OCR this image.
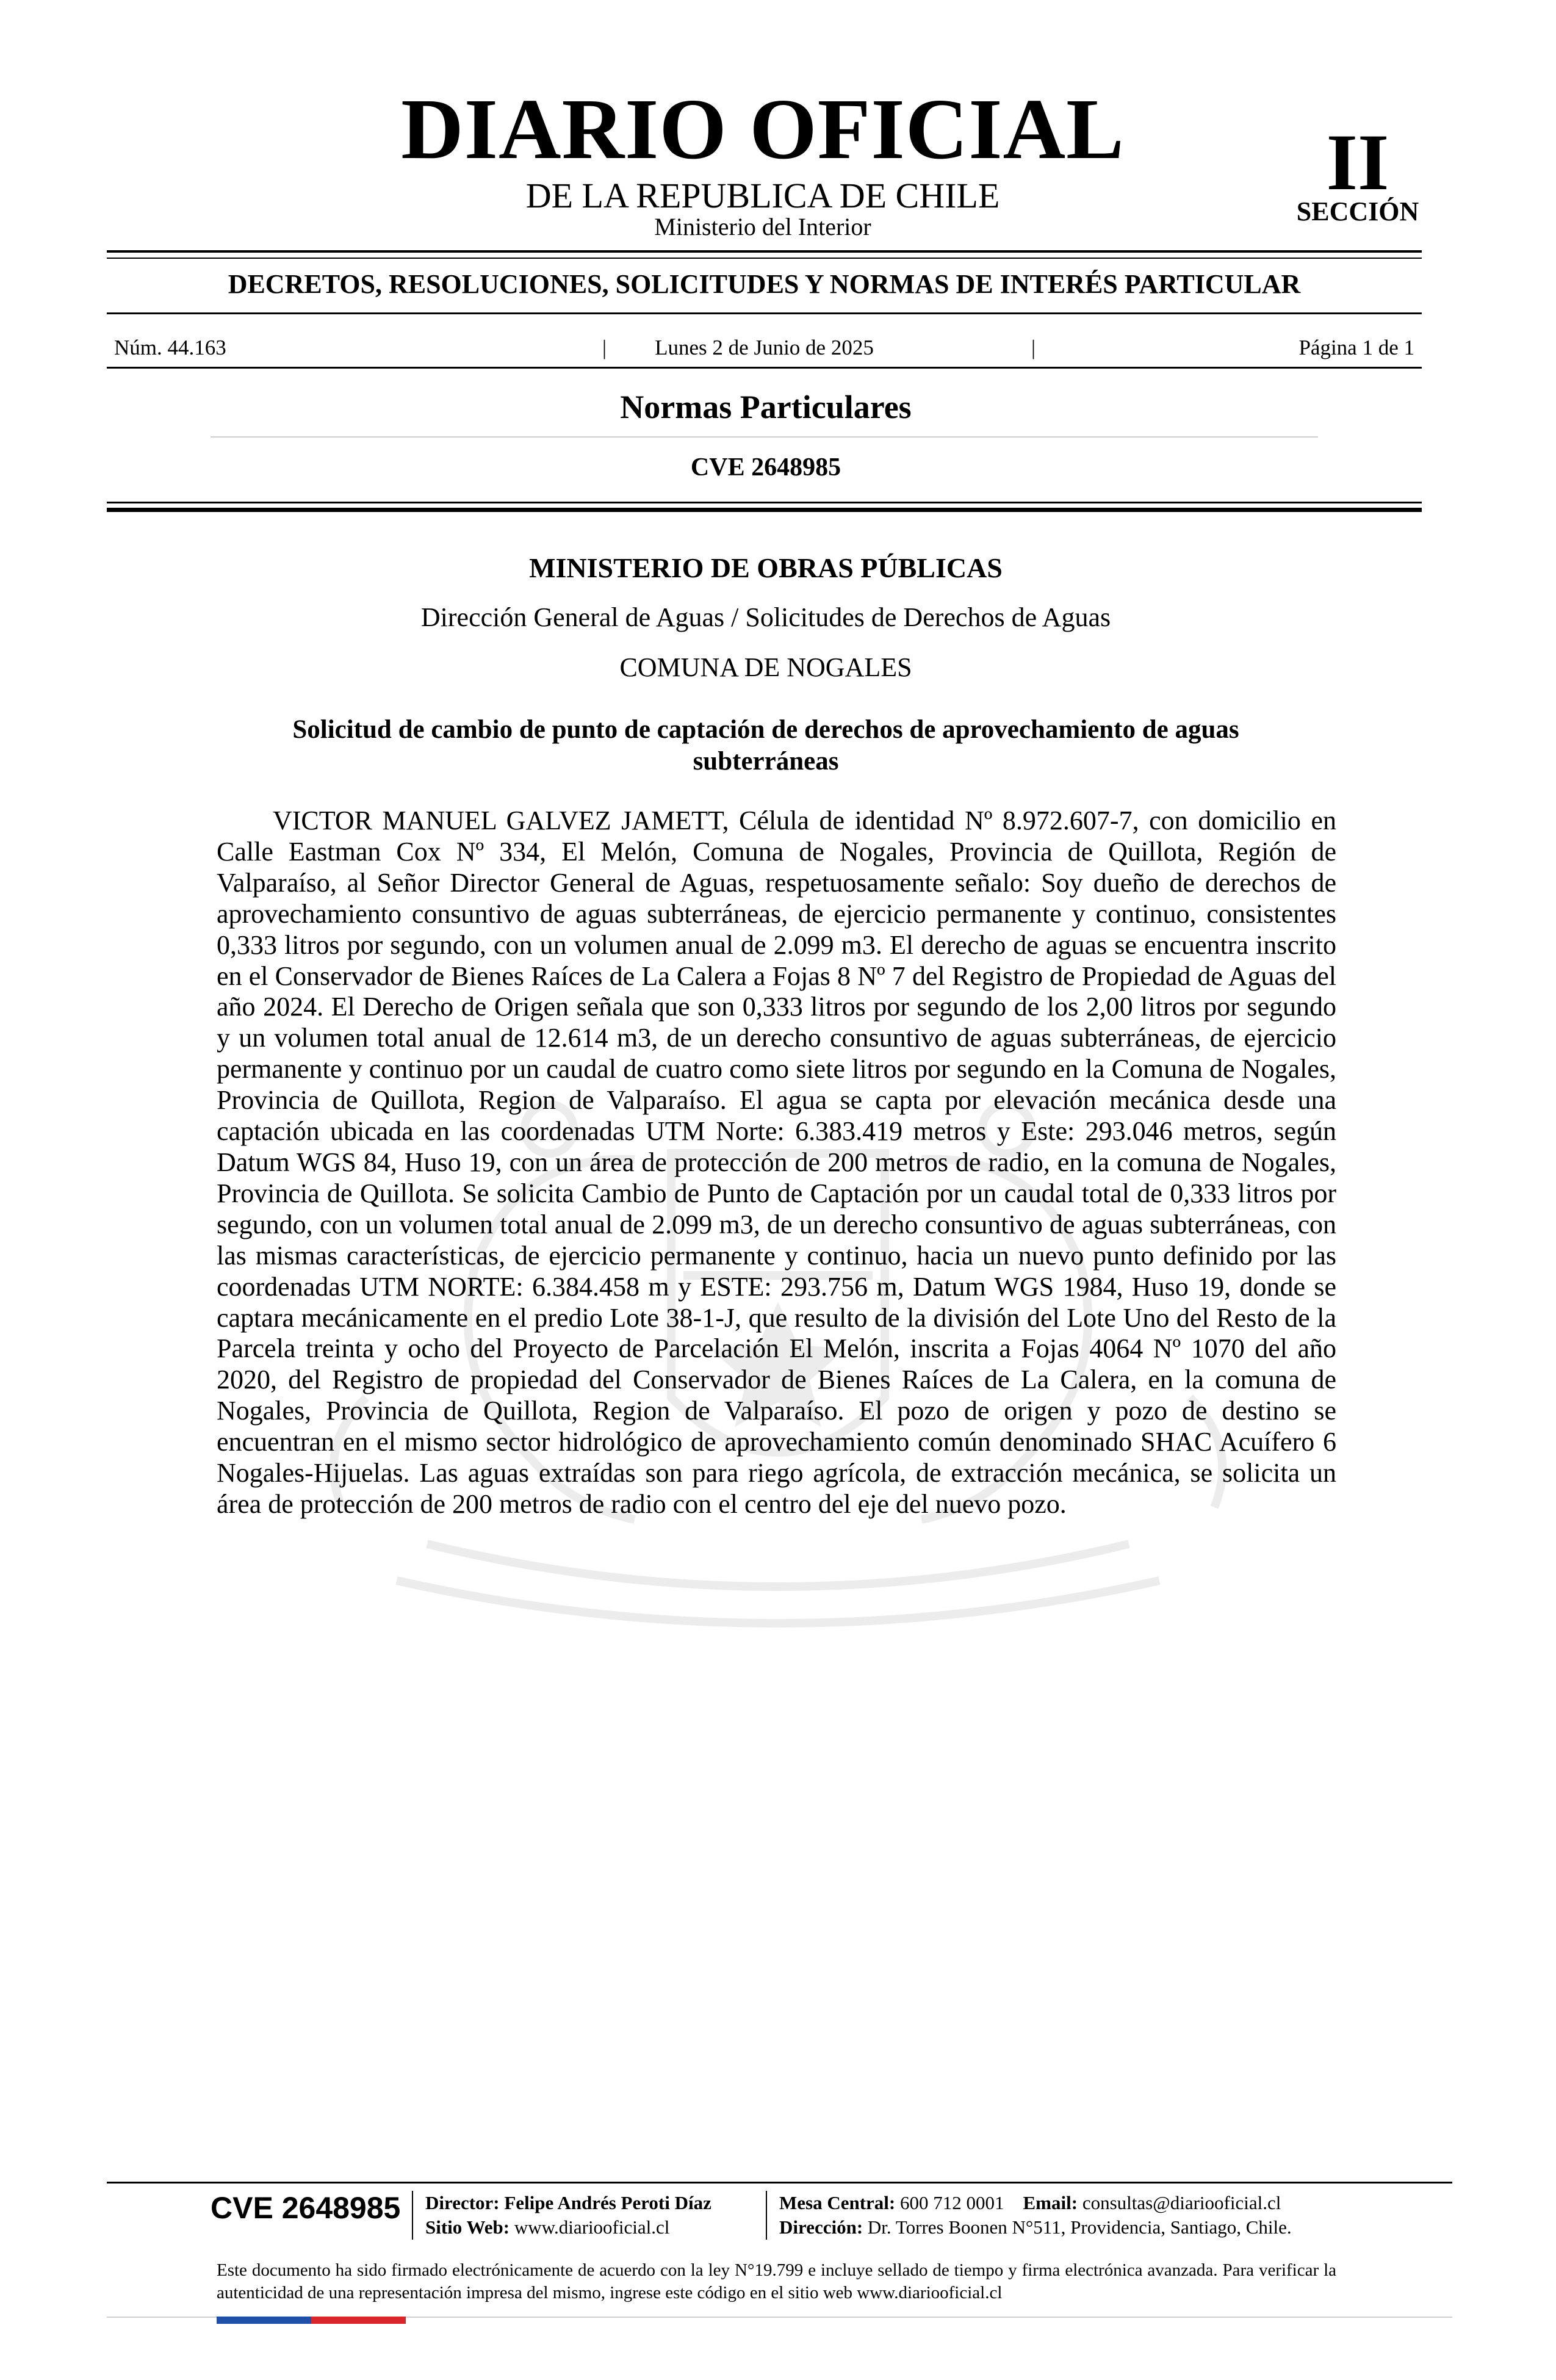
DIARIO OFICIAL
DE LA REPUBLICA DE CHILE
Ministerio del Interior
II
SECCIÓN
DECRETOS, RESOLUCIONES, SOLICITUDES Y NORMAS DE INTERÉS PARTICULAR
Núm. 44.163	|	Lunes 2 de Junio de 2025	|	Página 1 de 1
Normas Particulares
CVE 2648985
MINISTERIO DE OBRAS PÚBLICAS
Dirección General de Aguas / Solicitudes de Derechos de Aguas
COMUNA DE NOGALES
Solicitud de cambio de punto de captación de derechos de aprovechamiento de aguas subterráneas

VICTOR MANUEL GALVEZ JAMETT, Célula de identidad Nº 8.972.607-7, con domicilio en Calle Eastman Cox Nº 334, El Melón, Comuna de Nogales, Provincia de Quillota, Región de Valparaíso, al Señor Director General de Aguas, respetuosamente señalo: Soy dueño de derechos de aprovechamiento consuntivo de aguas subterráneas, de ejercicio permanente y continuo, consistentes 0,333 litros por segundo, con un volumen anual de 2.099 m3. El derecho de aguas se encuentra inscrito en el Conservador de Bienes Raíces de La Calera a Fojas 8 Nº 7 del Registro de Propiedad de Aguas del año 2024. El Derecho de Origen señala que son 0,333 litros por segundo de los 2,00 litros por segundo y un volumen total anual de 12.614 m3, de un derecho consuntivo de aguas subterráneas, de ejercicio permanente y continuo por un caudal de cuatro como siete litros por segundo en la Comuna de Nogales, Provincia de Quillota, Region de Valparaíso. El agua se capta por elevación mecánica desde una captación ubicada en las coordenadas UTM Norte: 6.383.419 metros y Este: 293.046 metros, según Datum WGS 84, Huso 19, con un área de protección de 200 metros de radio, en la comuna de Nogales, Provincia de Quillota. Se solicita Cambio de Punto de Captación por un caudal total de 0,333 litros por segundo, con un volumen total anual de 2.099 m3, de un derecho consuntivo de aguas subterráneas, con las mismas características, de ejercicio permanente y continuo, hacia un nuevo punto definido por las coordenadas UTM NORTE: 6.384.458 m y ESTE: 293.756 m, Datum WGS 1984, Huso 19, donde se captara mecánicamente en el predio Lote 38-1-J, que resulto de la división del Lote Uno del Resto de la Parcela treinta y ocho del Proyecto de Parcelación El Melón, inscrita a Fojas 4064 Nº 1070 del año 2020, del Registro de propiedad del Conservador de Bienes Raíces de La Calera, en la comuna de Nogales, Provincia de Quillota, Region de Valparaíso. El pozo de origen y pozo de destino se encuentran en el mismo sector hidrológico de aprovechamiento común denominado SHAC Acuífero 6 Nogales-Hijuelas. Las aguas extraídas son para riego agrícola, de extracción mecánica, se solicita un área de protección de 200 metros de radio con el centro del eje del nuevo pozo.

CVE 2648985 Director: Felipe Andrés Peroti Díaz
Sitio Web: www.diariooficial.cl
Mesa Central: 600 712 0001 Email: consultas@diariooficial.cl
Dirección: Dr. Torres Boonen N°511, Providencia, Santiago, Chile.
Este documento ha sido firmado electrónicamente de acuerdo con la ley N°19.799 e incluye sellado de tiempo y firma electrónica avanzada. Para verificar la autenticidad de una representación impresa del mismo, ingrese este código en el sitio web www.diariooficial.cl
